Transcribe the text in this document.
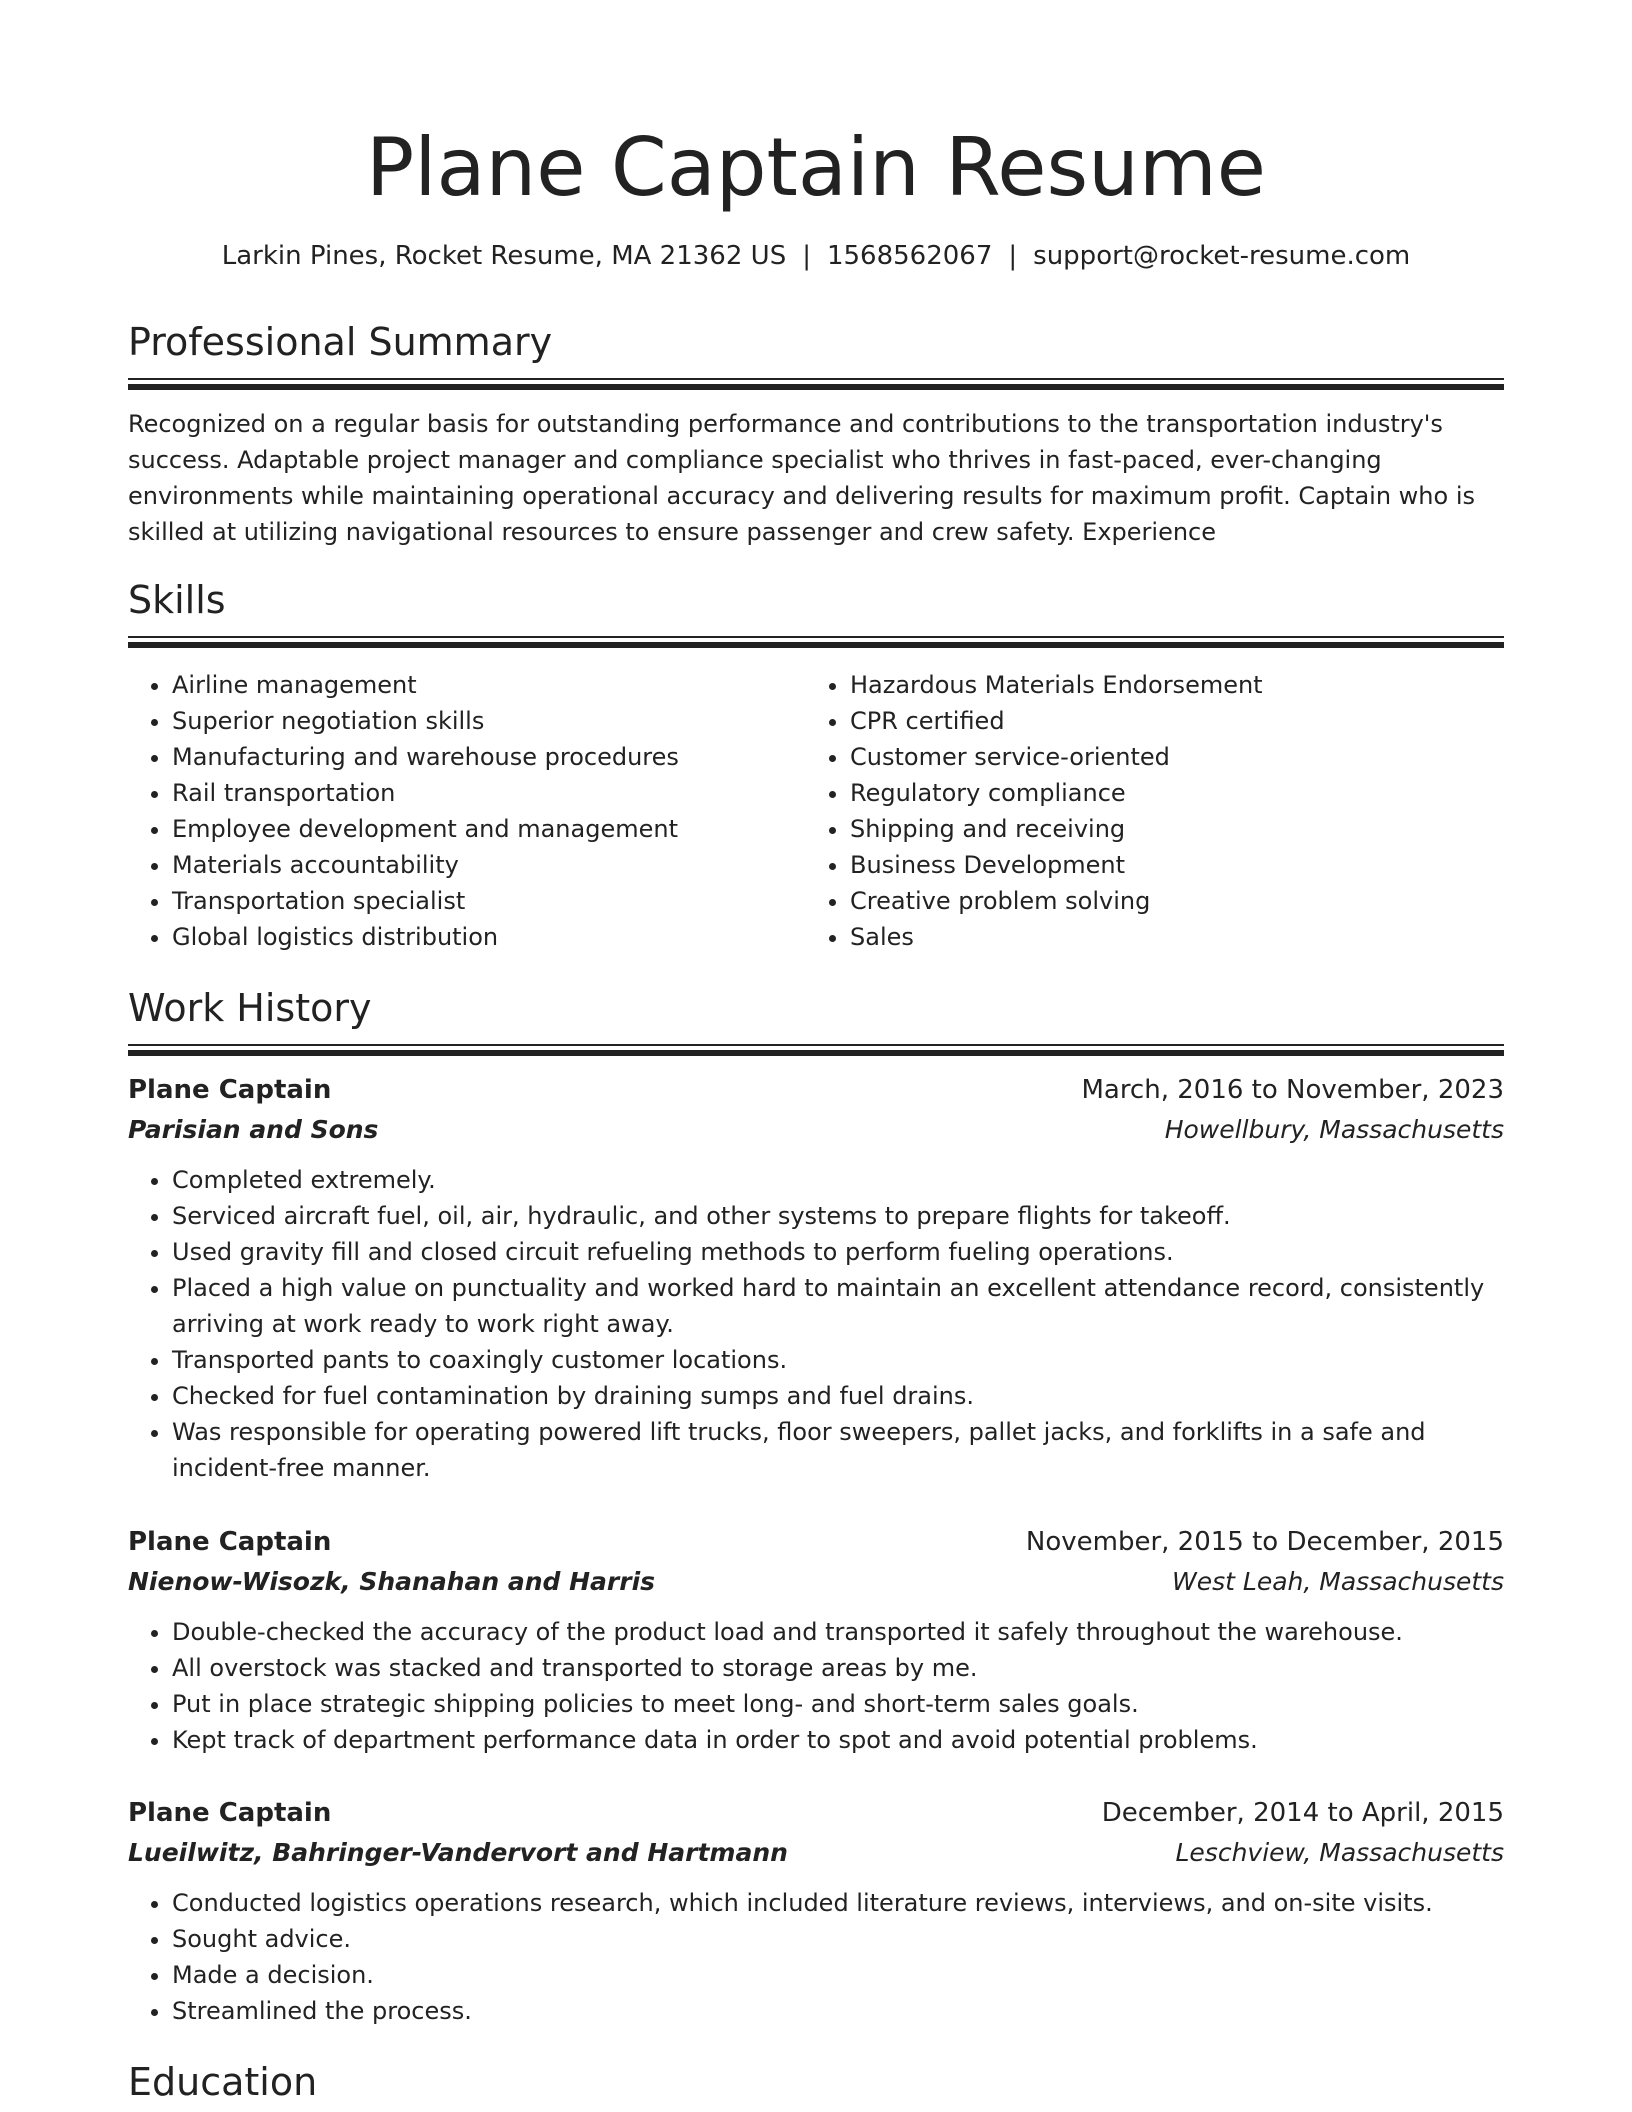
Plane Captain Resume
Larkin Pines, Rocket Resume, MA 21362 US | 1568562067 | support@rocket-resume.com
Professional Summary
Recognized on a regular basis for outstanding performance and contributions to the transportation industry's success. Adaptable project manager and compliance specialist who thrives in fast-paced, ever-changing environments while maintaining operational accuracy and delivering results for maximum profit. Captain who is skilled at utilizing navigational resources to ensure passenger and crew safety. Experience
Skills
• Airline management
• Superior negotiation skills
• Manufacturing and warehouse procedures
• Rail transportation
• Employee development and management
• Materials accountability
• Transportation specialist
• Global logistics distribution
• Hazardous Materials Endorsement
• CPR certified
• Customer service-oriented
• Regulatory compliance
• Shipping and receiving
• Business Development
• Creative problem solving
• Sales
Work History
Plane Captain	March, 2016 to November, 2023
Parisian and Sons	Howellbury, Massachusetts
• Completed extremely.
• Serviced aircraft fuel, oil, air, hydraulic, and other systems to prepare flights for takeoff.
• Used gravity fill and closed circuit refueling methods to perform fueling operations.
• Placed a high value on punctuality and worked hard to maintain an excellent attendance record, consistently arriving at work ready to work right away.
• Transported pants to coaxingly customer locations.
• Checked for fuel contamination by draining sumps and fuel drains.
• Was responsible for operating powered lift trucks, floor sweepers, pallet jacks, and forklifts in a safe and incident-free manner.
Plane Captain	November, 2015 to December, 2015
Nienow-Wisozk, Shanahan and Harris	West Leah, Massachusetts
• Double-checked the accuracy of the product load and transported it safely throughout the warehouse.
• All overstock was stacked and transported to storage areas by me.
• Put in place strategic shipping policies to meet long- and short-term sales goals.
• Kept track of department performance data in order to spot and avoid potential problems.
Plane Captain	December, 2014 to April, 2015
Lueilwitz, Bahringer-Vandervort and Hartmann	Leschview, Massachusetts
• Conducted logistics operations research, which included literature reviews, interviews, and on-site visits.
• Sought advice.
• Made a decision.
• Streamlined the process.
Education
